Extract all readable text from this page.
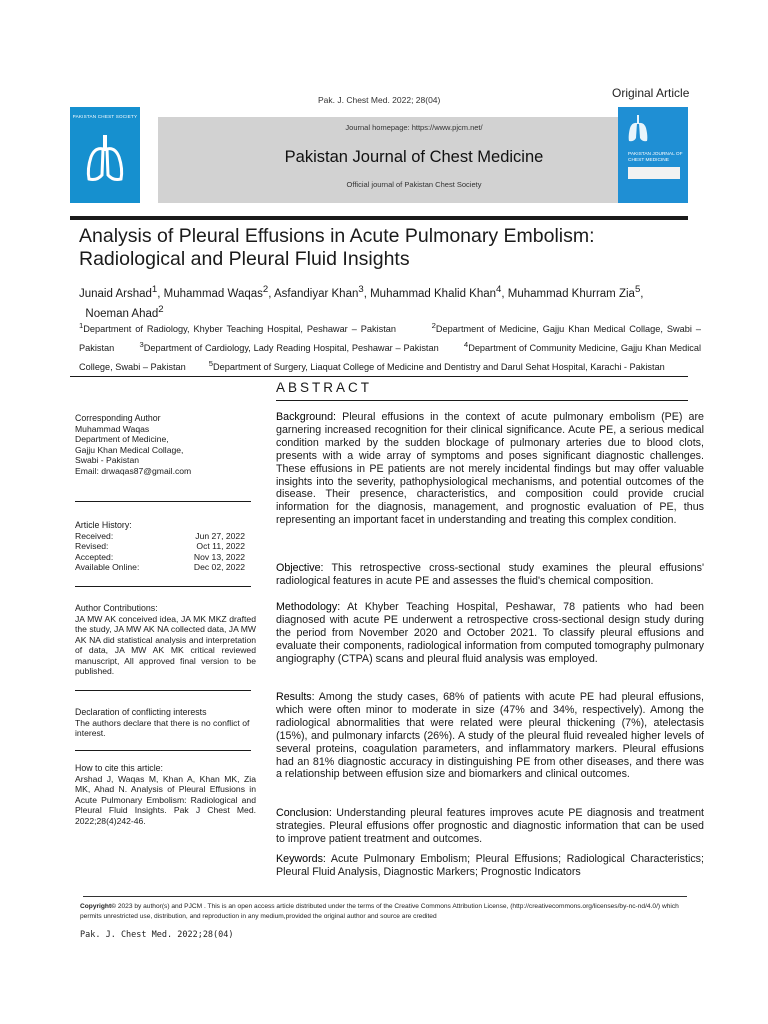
Pak. J. Chest Med. 2022; 28(04)	Original Article
PAKISTAN CHEST SOCIETY
Journal homepage: https://www.pjcm.net/
Pakistan Journal of Chest Medicine
Official journal of Pakistan Chest Society
PAKISTAN JOURNAL OF CHEST MEDICINE
Analysis of Pleural Effusions in Acute Pulmonary Embolism: Radiological and Pleural Fluid Insights
Junaid Arshad$^1$, Muhammad Waqas$^2$, Asfandiyar Khan$^3$, Muhammad Khalid Khan$^4$, Muhammad Khurram Zia$^5$,
Noeman Ahad$^2$
$^1$Department of Radiology, Khyber Teaching Hospital, Peshawar – Pakistan	$^2$Department of Medicine, Gajju Khan Medical Collage, Swabi – Pakistan	$^3$Department of Cardiology, Lady Reading Hospital, Peshawar – Pakistan	$^4$Department of Community Medicine, Gajju Khan Medical College, Swabi – Pakistan	$^5$Department of Surgery, Liaquat College of Medicine and Dentistry and Darul Sehat Hospital, Karachi - Pakistan
ABSTRACT
Corresponding Author
Muhammad Waqas
Department of Medicine,
Gajju Khan Medical Collage,
Swabi - Pakistan
Email: drwaqas87@gmail.com
Article History:
Received:	Jun 27, 2022
Revised:	Oct 11, 2022
Accepted:	Nov 13, 2022
Available Online:	Dec 02, 2022
Author Contributions:
JA MW AK conceived idea, JA MK MKZ drafted the study, JA MW AK NA collected data, JA MW AK NA did statistical analysis and interpretation of data, JA MW AK MK critical reviewed manuscript, All approved final version to be published.
Declaration of conflicting interests
The authors declare that there is no conflict of interest.
How to cite this article:
Arshad J, Waqas M, Khan A, Khan MK, Zia MK, Ahad N. Analysis of Pleural Effusions in Acute Pulmonary Embolism: Radiological and Pleural Fluid Insights. Pak J Chest Med. 2022;28(4)242-46.
Background: Pleural effusions in the context of acute pulmonary embolism (PE) are garnering increased recognition for their clinical significance. Acute PE, a serious medical condition marked by the sudden blockage of pulmonary arteries due to blood clots, presents with a wide array of symptoms and poses significant diagnostic challenges. These effusions in PE patients are not merely incidental findings but may offer valuable insights into the severity, pathophysiological mechanisms, and potential outcomes of the disease. Their presence, characteristics, and composition could provide crucial information for the diagnosis, management, and prognostic evaluation of PE, thus representing an important facet in understanding and treating this complex condition.
Objective: This retrospective cross-sectional study examines the pleural effusions' radiological features in acute PE and assesses the fluid's chemical composition.
Methodology: At Khyber Teaching Hospital, Peshawar, 78 patients who had been diagnosed with acute PE underwent a retrospective cross-sectional design study during the period from November 2020 and October 2021. To classify pleural effusions and evaluate their components, radiological information from computed tomography pulmonary angiography (CTPA) scans and pleural fluid analysis was employed.
Results: Among the study cases, 68% of patients with acute PE had pleural effusions, which were often minor to moderate in size (47% and 34%, respectively). Among the radiological abnormalities that were related were pleural thickening (7%), atelectasis (15%), and pulmonary infarcts (26%). A study of the pleural fluid revealed higher levels of several proteins, coagulation parameters, and inflammatory markers. Pleural effusions had an 81% diagnostic accuracy in distinguishing PE from other diseases, and there was a relationship between effusion size and biomarkers and clinical outcomes.
Conclusion: Understanding pleural features improves acute PE diagnosis and treatment strategies. Pleural effusions offer prognostic and diagnostic information that can be used to improve patient treatment and outcomes.
Keywords: Acute Pulmonary Embolism; Pleural Effusions; Radiological Characteristics; Pleural Fluid Analysis, Diagnostic Markers; Prognostic Indicators
Copyright© 2023 by author(s) and PJCM . This is an open access article distributed under the terms of the Creative Commons Attribution License, (http://creativecommons.org/licenses/by-nc-nd/4.0/) which permits unrestricted use, distribution, and reproduction in any medium,provided the original author and source are credited
Pak. J. Chest Med. 2022;28(04)
